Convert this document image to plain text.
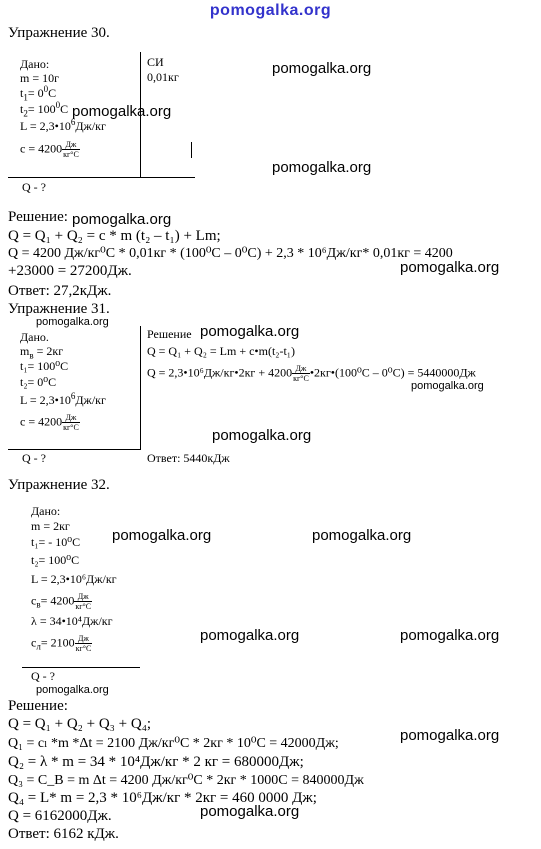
pomogalka.org
Упражнение 30.
Дано:
m = 10г
$t_1= 0^0C$
$t_2= 100^0C$
$L = 2,3•10^6Дж/кг$
$c = 4200 \frac{Дж}{кг^\circ C}$
Q - ?
СИ
0,01кг	pomogalka.org
pomogalka.org
pomogalka.org
Решение: pomogalka.org
Q = Q₁ + Q₂ = c * m (t₂ – t₁) + Lm;
Q = 4200 Дж/кг⁰C * 0,01кг * (100⁰C – 0⁰C) + 2,3 * 10⁶Дж/кг* 0,01кг = 4200
+23000 = 27200Дж.	pomogalka.org
Ответ: 27,2кДж.
Упражнение 31.
pomogalka.org
Дано.
$m_в = 2кг$
t₁= 100⁰C
t₂= 0⁰C
$L = 2,3•10^6Дж/кг$
$c = 4200 \frac{Дж}{кг^\circ C}$
Q - ?
Решение pomogalka.org
Q = Q₁ + Q₂ = Lm + c•m(t₂-t₁)
Q = 2,3•10⁶Дж/кг•2кг + $4200 \frac{Дж}{кг^\circ C}$ •2кг•(100⁰C – 0⁰C) = 5440000Дж
pomogalka.org
pomogalka.org
Ответ: 5440кДж
Упражнение 32.
Дано:
m = 2кг
t₁= - 10⁰C
t₂= 100⁰C
L = 2,3•10⁶Дж/кг
$c_в= 4200 \frac{Дж}{кг^\circ C}$
λ = 34•10⁴Дж/кг
$c_л= 2100 \frac{Дж}{кг^\circ C}$
Q - ?
pomogalka.org
pomogalka.org	pomogalka.org
pomogalka.org	pomogalka.org
Решение:
Q = Q₁ + Q₂ + Q₃ + Q₄;
Q₁ = cₗ *m *Δt = 2100 Дж/кг⁰C * 2кг * 10⁰C = 42000Дж;	pomogalka.org
Q₂ = λ * m = 34 * 10⁴Дж/кг * 2 кг = 680000Дж;
Q₃ = C_B = m Δt = 4200 Дж/кг⁰C * 2кг * 1000C = 840000Дж
Q₄ = L* m = 2,3 * 10⁶Дж/кг * 2кг = 460 0000 Дж;
Q = 6162000Дж.	pomogalka.org
Ответ: 6162 кДж.
